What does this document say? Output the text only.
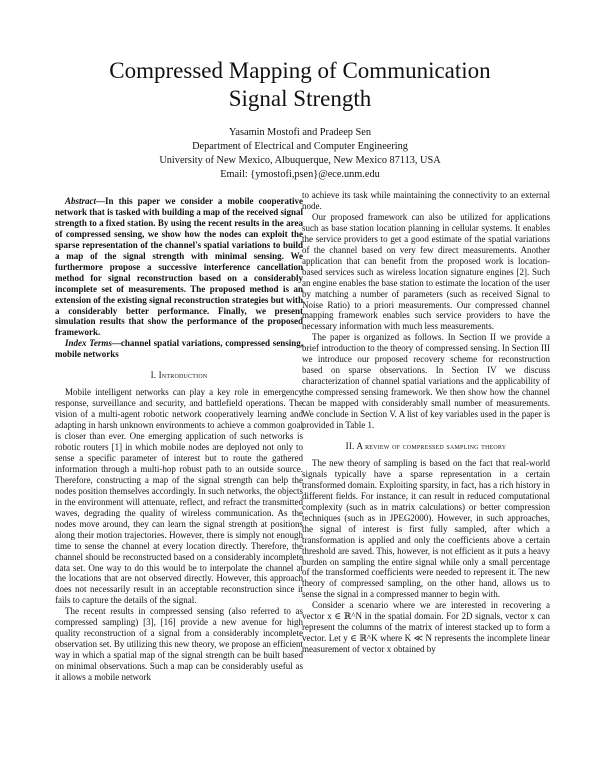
Compressed Mapping of Communication
Signal Strength
Yasamin Mostofi and Pradeep Sen
Department of Electrical and Computer Engineering
University of New Mexico, Albuquerque, New Mexico 87113, USA
Email: {ymostofi,psen}@ece.unm.edu

Abstract—In this paper we consider a mobile cooperative network that is tasked with building a map of the received signal strength to a fixed station. By using the recent results in the area of compressed sensing, we show how the nodes can exploit the sparse representation of the channel's spatial variations to build a map of the signal strength with minimal sensing. We furthermore propose a successive interference cancellation method for signal reconstruction based on a considerably incomplete set of measurements. The proposed method is an extension of the existing signal reconstruction strategies but with a considerably better performance. Finally, we present simulation results that show the performance of the proposed framework.

Index Terms—channel spatial variations, compressed sensing, mobile networks

I. Introduction

Mobile intelligent networks can play a key role in emergency response, surveillance and security, and battlefield operations. The vision of a multi-agent robotic network cooperatively learning and adapting in harsh unknown environments to achieve a common goal is closer than ever. One emerging application of such networks is robotic routers [1] in which mobile nodes are deployed not only to sense a specific parameter of interest but to route the gathered information through a multi-hop robust path to an outside source. Therefore, constructing a map of the signal strength can help the nodes position themselves accordingly. In such networks, the objects in the environment will attenuate, reflect, and refract the transmitted waves, degrading the quality of wireless communication. As the nodes move around, they can learn the signal strength at positions along their motion trajectories. However, there is simply not enough time to sense the channel at every location directly. Therefore, the channel should be reconstructed based on a considerably incomplete data set. One way to do this would be to interpolate the channel at the locations that are not observed directly. However, this approach does not necessarily result in an acceptable reconstruction since it fails to capture the details of the signal.

The recent results in compressed sensing (also referred to as compressed sampling) [3], [16] provide a new avenue for high quality reconstruction of a signal from a considerably incomplete observation set. By utilizing this new theory, we propose an efficient way in which a spatial map of the signal strength can be built based on minimal observations. Such a map can be considerably useful as it allows a mobile network

to achieve its task while maintaining the connectivity to an external node.

Our proposed framework can also be utilized for applications such as base station location planning in cellular systems. It enables the service providers to get a good estimate of the spatial variations of the channel based on very few direct measurements. Another application that can benefit from the proposed work is location-based services such as wireless location signature engines [2]. Such an engine enables the base station to estimate the location of the user by matching a number of parameters (such as received Signal to Noise Ratio) to a priori measurements. Our compressed channel mapping framework enables such service providers to have the necessary information with much less measurements.

The paper is organized as follows. In Section II we provide a brief introduction to the theory of compressed sensing. In Section III we introduce our proposed recovery scheme for reconstruction based on sparse observations. In Section IV we discuss characterization of channel spatial variations and the applicability of the compressed sensing framework. We then show how the channel can be mapped with considerably small number of measurements. We conclude in Section V. A list of key variables used in the paper is provided in Table 1.

II. A review of compressed sampling theory

The new theory of sampling is based on the fact that real-world signals typically have a sparse representation in a certain transformed domain. Exploiting sparsity, in fact, has a rich history in different fields. For instance, it can result in reduced computational complexity (such as in matrix calculations) or better compression techniques (such as in JPEG2000). However, in such approaches, the signal of interest is first fully sampled, after which a transformation is applied and only the coefficients above a certain threshold are saved. This, however, is not efficient as it puts a heavy burden on sampling the entire signal while only a small percentage of the transformed coefficients were needed to represent it. The new theory of compressed sampling, on the other hand, allows us to sense the signal in a compressed manner to begin with.

Consider a scenario where we are interested in recovering a vector x ∈ ℝ^N in the spatial domain. For 2D signals, vector x can represent the columns of the matrix of interest stacked up to form a vector. Let y ∈ ℝ^K where K ≪ N represents the incomplete linear measurement of vector x obtained by
